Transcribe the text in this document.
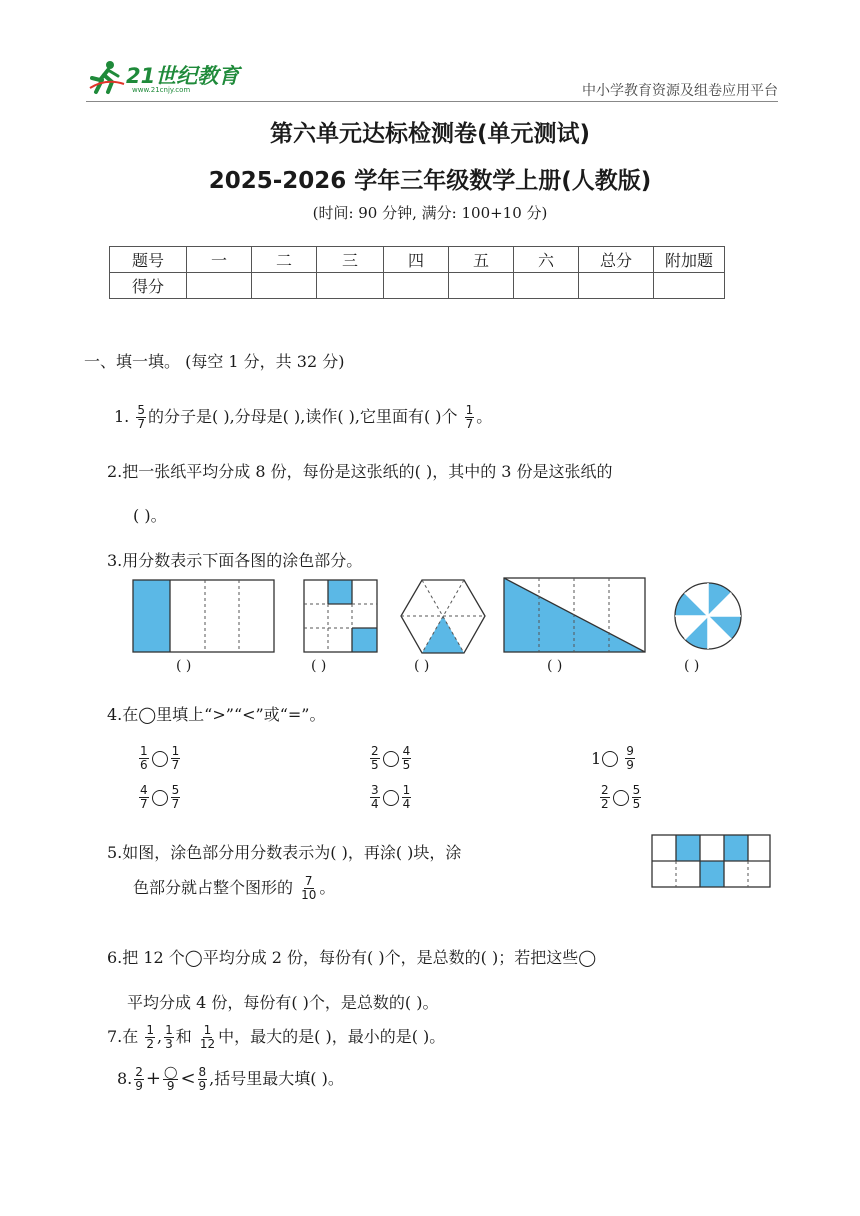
21世纪教育
www.21cnjy.com	中小学教育资源及组卷应用平台
第六单元达标检测卷(单元测试)
2025-2026 学年三年级数学上册(人教版)
(时间: 90 分钟, 满分: 100+10 分)
题号	一	二	三	四	五	六	总分	附加题
得分								
一、填一填。 (每空 1 分，共 32 分)
1. $\frac{5}{7}$ 的分子是( ),分母是( ),读作( ),它里面有( )个 $\frac{1}{7}$ 。
2.把一张纸平均分成 8 份，每份是这张纸的( )，其中的 3 份是这张纸的
( )。
3.用分数表示下面各图的涂色部分。
( )	( )	( )	( )	( )
4.在◯里填上“>”“<”或“=”。
$\frac{1}{6} \frac{1}{7}$	$\frac{2}{5} \frac{4}{5}$	$1 \frac{9}{9}$
$\frac{4}{7} \frac{5}{7}$	$\frac{3}{4} \frac{1}{4}$	$\frac{2}{2} \frac{5}{5}$
5.如图，涂色部分用分数表示为( )，再涂( )块，涂
色部分就占整个图形的 $\frac{7}{10}$ 。
6.把 12 个◯平均分成 2 份，每份有( )个，是总数的( )；若把这些◯
平均分成 4 份，每份有( )个，是总数的( )。
7.在 $\frac{1}{2}$ , $\frac{1}{3}$ 和 $\frac{1}{12}$ 中，最大的是( )，最小的是( )。
8. $\frac{2}{9} + \frac{◯}{9} < \frac{8}{9}$ ,括号里最大填( )。
